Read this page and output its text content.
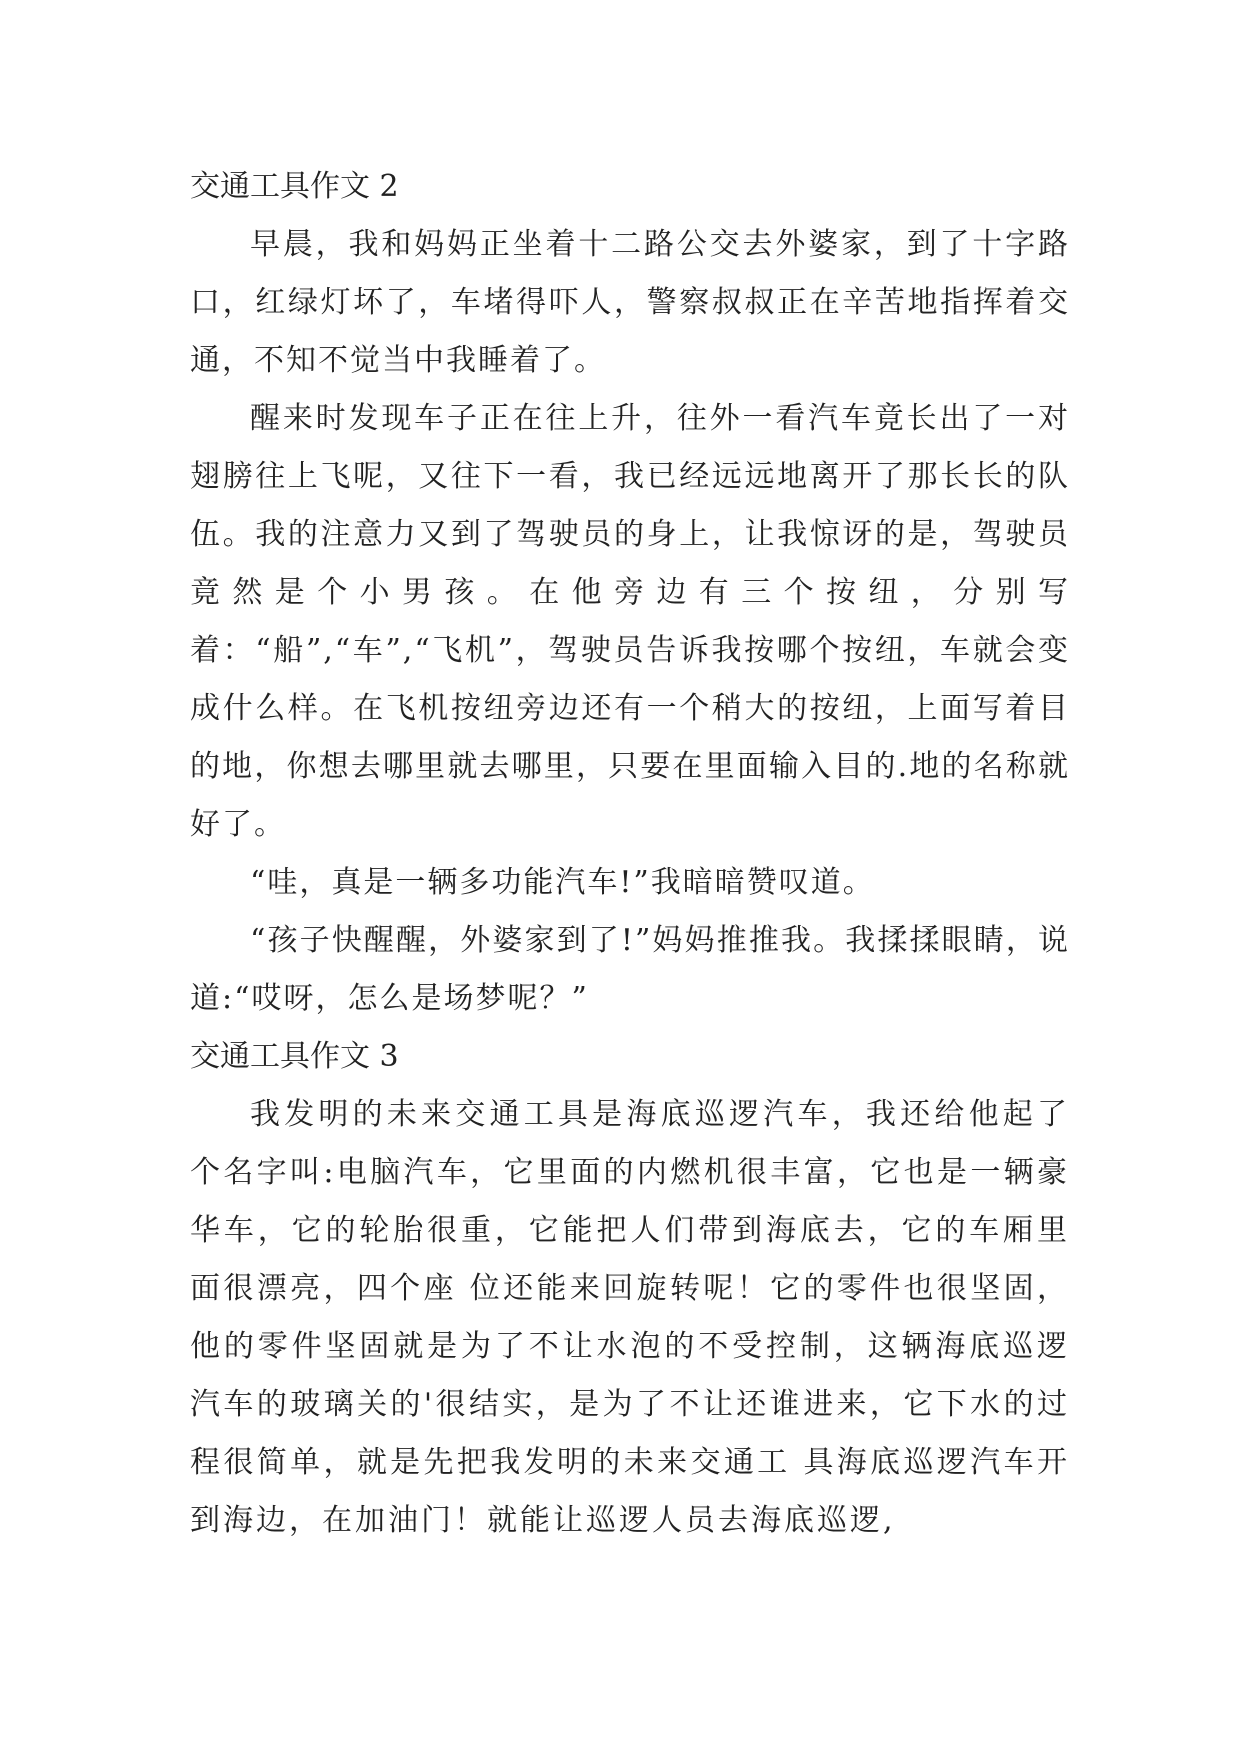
交通工具作文 2

早晨，我和妈妈正坐着十二路公交去外婆家，到了十字路口，红绿灯坏了，车堵得吓人，警察叔叔正在辛苦地指挥着交通，不知不觉当中我睡着了。

醒来时发现车子正在往上升，往外一看汽车竟长出了一对翅膀往上飞呢，又往下一看，我已经远远地离开了那长长的队伍。我的注意力又到了驾驶员的身上，让我惊讶的是，驾驶员竟然是个小男孩。在他旁边有三个按纽，分别写着：“船”,“车”,“飞机”，驾驶员告诉我按哪个按纽，车就会变成什么样。在飞机按纽旁边还有一个稍大的按纽，上面写着目的地，你想去哪里就去哪里，只要在里面输入目的.地的名称就好了。

“哇，真是一辆多功能汽车!”我暗暗赞叹道。

“孩子快醒醒，外婆家到了!”妈妈推推我。我揉揉眼睛，说道:“哎呀，怎么是场梦呢？”

交通工具作文 3

我发明的未来交通工具是海底巡逻汽车，我还给他起了个名字叫:电脑汽车，它里面的内燃机很丰富，它也是一辆豪华车，它的轮胎很重，它能把人们带到海底去，它的车厢里面很漂亮，四个座 位还能来回旋转呢！它的零件也很坚固，他的零件坚固就是为了不让水泡的不受控制，这辆海底巡逻汽车的玻璃关的'很结实，是为了不让还谁进来，它下水的过程很简单，就是先把我发明的未来交通工 具海底巡逻汽车开到海边，在加油门！就能让巡逻人员去海底巡逻,
